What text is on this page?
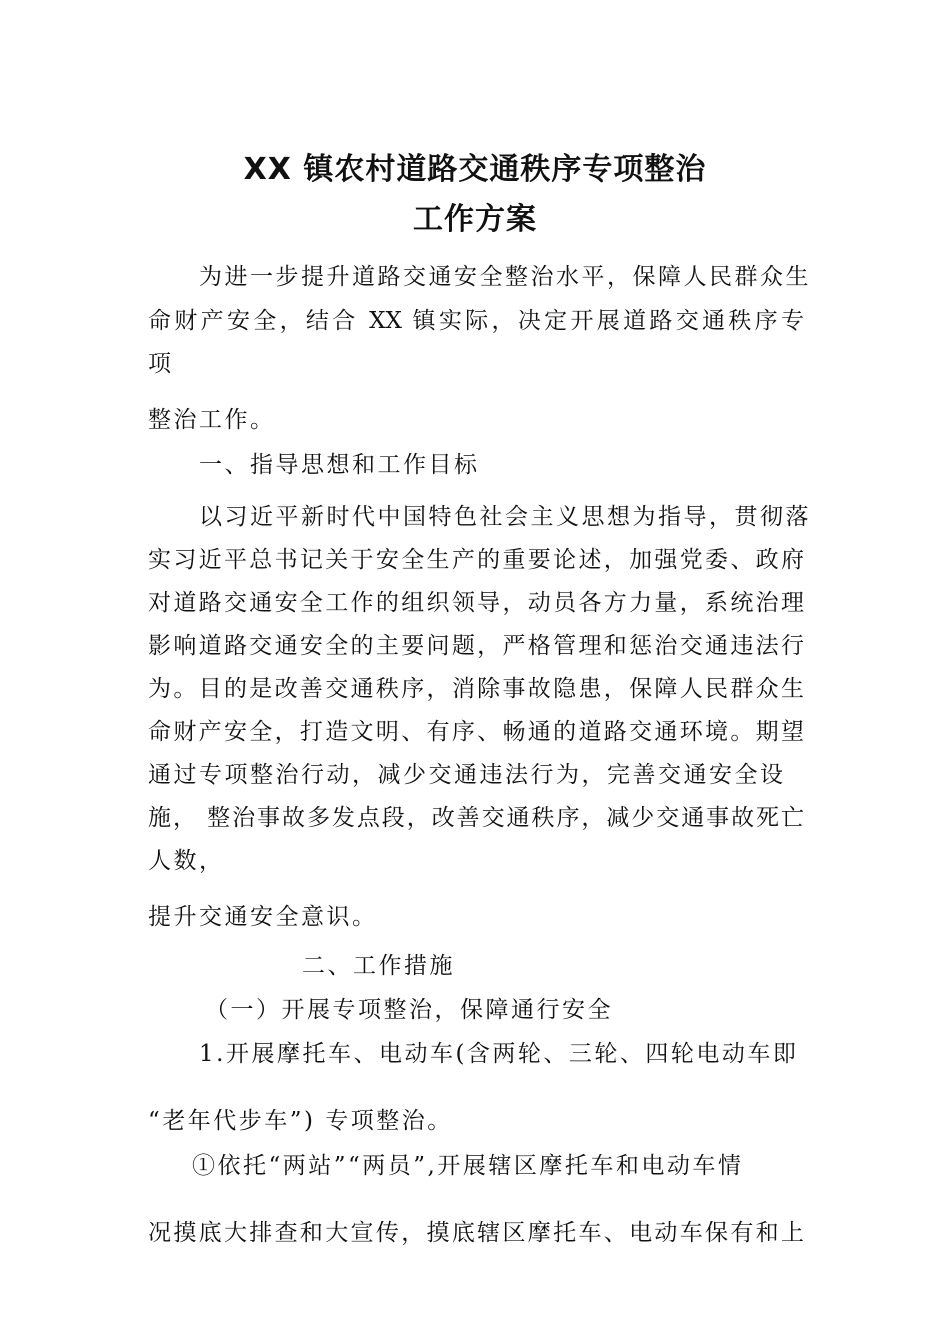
XX 镇农村道路交通秩序专项整治
工作方案
为进一步提升道路交通安全整治水平，保障人民群众生
命财产安全，结合 XX 镇实际，决定开展道路交通秩序专
项
整治工作。
一、指导思想和工作目标
以习近平新时代中国特色社会主义思想为指导，贯彻落
实习近平总书记关于安全生产的重要论述，加强党委、政府
对道路交通安全工作的组织领导，动员各方力量，系统治理
影响道路交通安全的主要问题，严格管理和惩治交通违法行
为。目的是改善交通秩序，消除事故隐患，保障人民群众生
命财产安全，打造文明、有序、畅通的道路交通环境。期望
通过专项整治行动，减少交通违法行为，完善交通安全设
施， 整治事故多发点段，改善交通秩序，减少交通事故死亡
人数，
提升交通安全意识。
二、工作措施
（一）开展专项整治，保障通行安全
1.开展摩托车、电动车(含两轮、三轮、四轮电动车即
“老年代步车”) 专项整治。
①依托“两站”“两员”,开展辖区摩托车和电动车情
况摸底大排查和大宣传，摸底辖区摩托车、电动车保有和上
